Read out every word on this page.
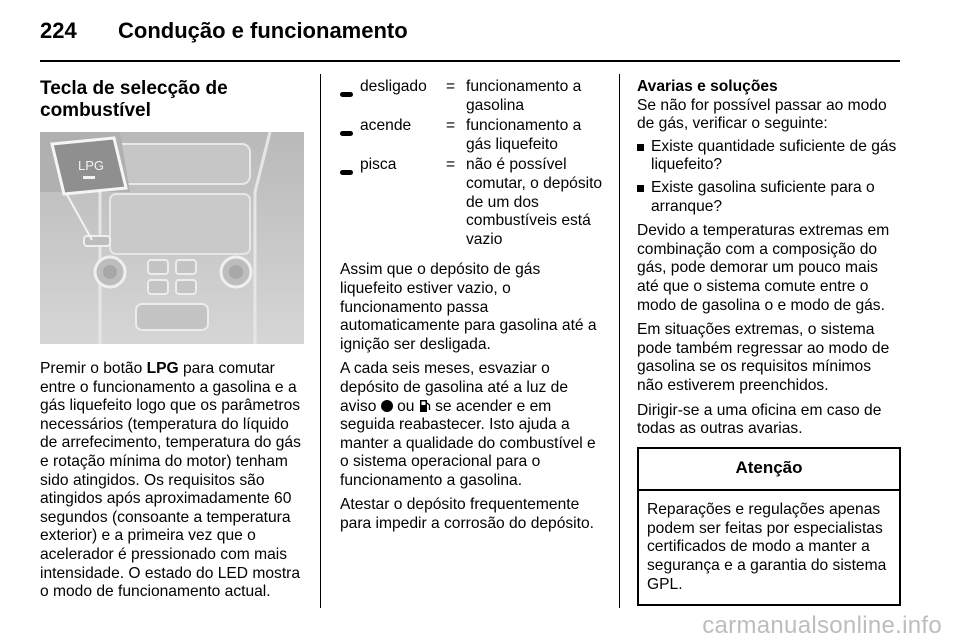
224 Condução e funcionamento
Tecla de selecção de
combustível
LPG

Premir o botão LPG para comutar entre o funcionamento a gasolina e a gás liquefeito logo que os parâmetros necessários (temperatura do líquido de arrefecimento, temperatura do gás e rotação mínima do motor) tenham sido atingidos. Os requisitos são atingidos após aproximadamente 60 segundos (consoante a temperatura exterior) e a primeira vez que o acelerador é pressionado com mais intensidade. O estado do LED mostra o modo de funcionamento actual.

desligado	= funcionamento a gasolina
acende	= funcionamento a gás liquefeito
pisca	= não é possível comutar, o depósito de um dos combustíveis está vazio

Assim que o depósito de gás liquefeito estiver vazio, o funcionamento passa automaticamente para gasolina até a ignição ser desligada.

A cada seis meses, esvaziar o depósito de gasolina até a luz de aviso  ou  se acender e em seguida reabastecer. Isto ajuda a manter a qualidade do combustível e o sistema operacional para o funcionamento a gasolina.

Atestar o depósito frequentemente para impedir a corrosão do depósito.

Avarias e soluções

Se não for possível passar ao modo de gás, verificar o seguinte:

Existe quantidade suficiente de gás liquefeito?
Existe gasolina suficiente para o arranque?

Devido a temperaturas extremas em combinação com a composição do gás, pode demorar um pouco mais até que o sistema comute entre o modo de gasolina o e modo de gás.

Em situações extremas, o sistema pode também regressar ao modo de gasolina se os requisitos mínimos não estiverem preenchidos.

Dirigir-se a uma oficina em caso de todas as outras avarias.

Atenção
Reparações e regulações apenas podem ser feitas por especialistas certificados de modo a manter a segurança e a garantia do sistema GPL.
carmanualsonline.info
